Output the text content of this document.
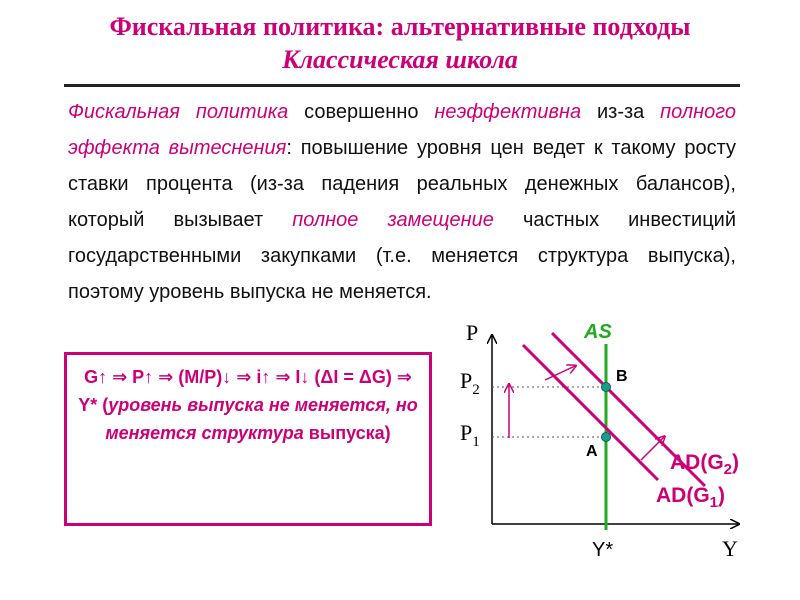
Фискальная политика: альтернативные подходы
Классическая школа
Фискальная политика совершенно неэффективна из-за полного эффекта вытеснения: повышение уровня цен ведет к такому росту ставки процента (из-за падения реальных денежных балансов), который вызывает полное замещение частных инвестиций государственными закупками (т.е. меняется структура выпуска), поэтому уровень выпуска не меняется.
G↑ ⇒ P↑ ⇒ (M/P)↓ ⇒ i↑ ⇒ I↓ (ΔI = ΔG) ⇒ Y* (уровень выпуска не меняется, но меняется структура выпуска)
P
Y
AS
$P_2$
$P_1$
B
A
Y*
$AD(G_2)$
$AD(G_1)$
